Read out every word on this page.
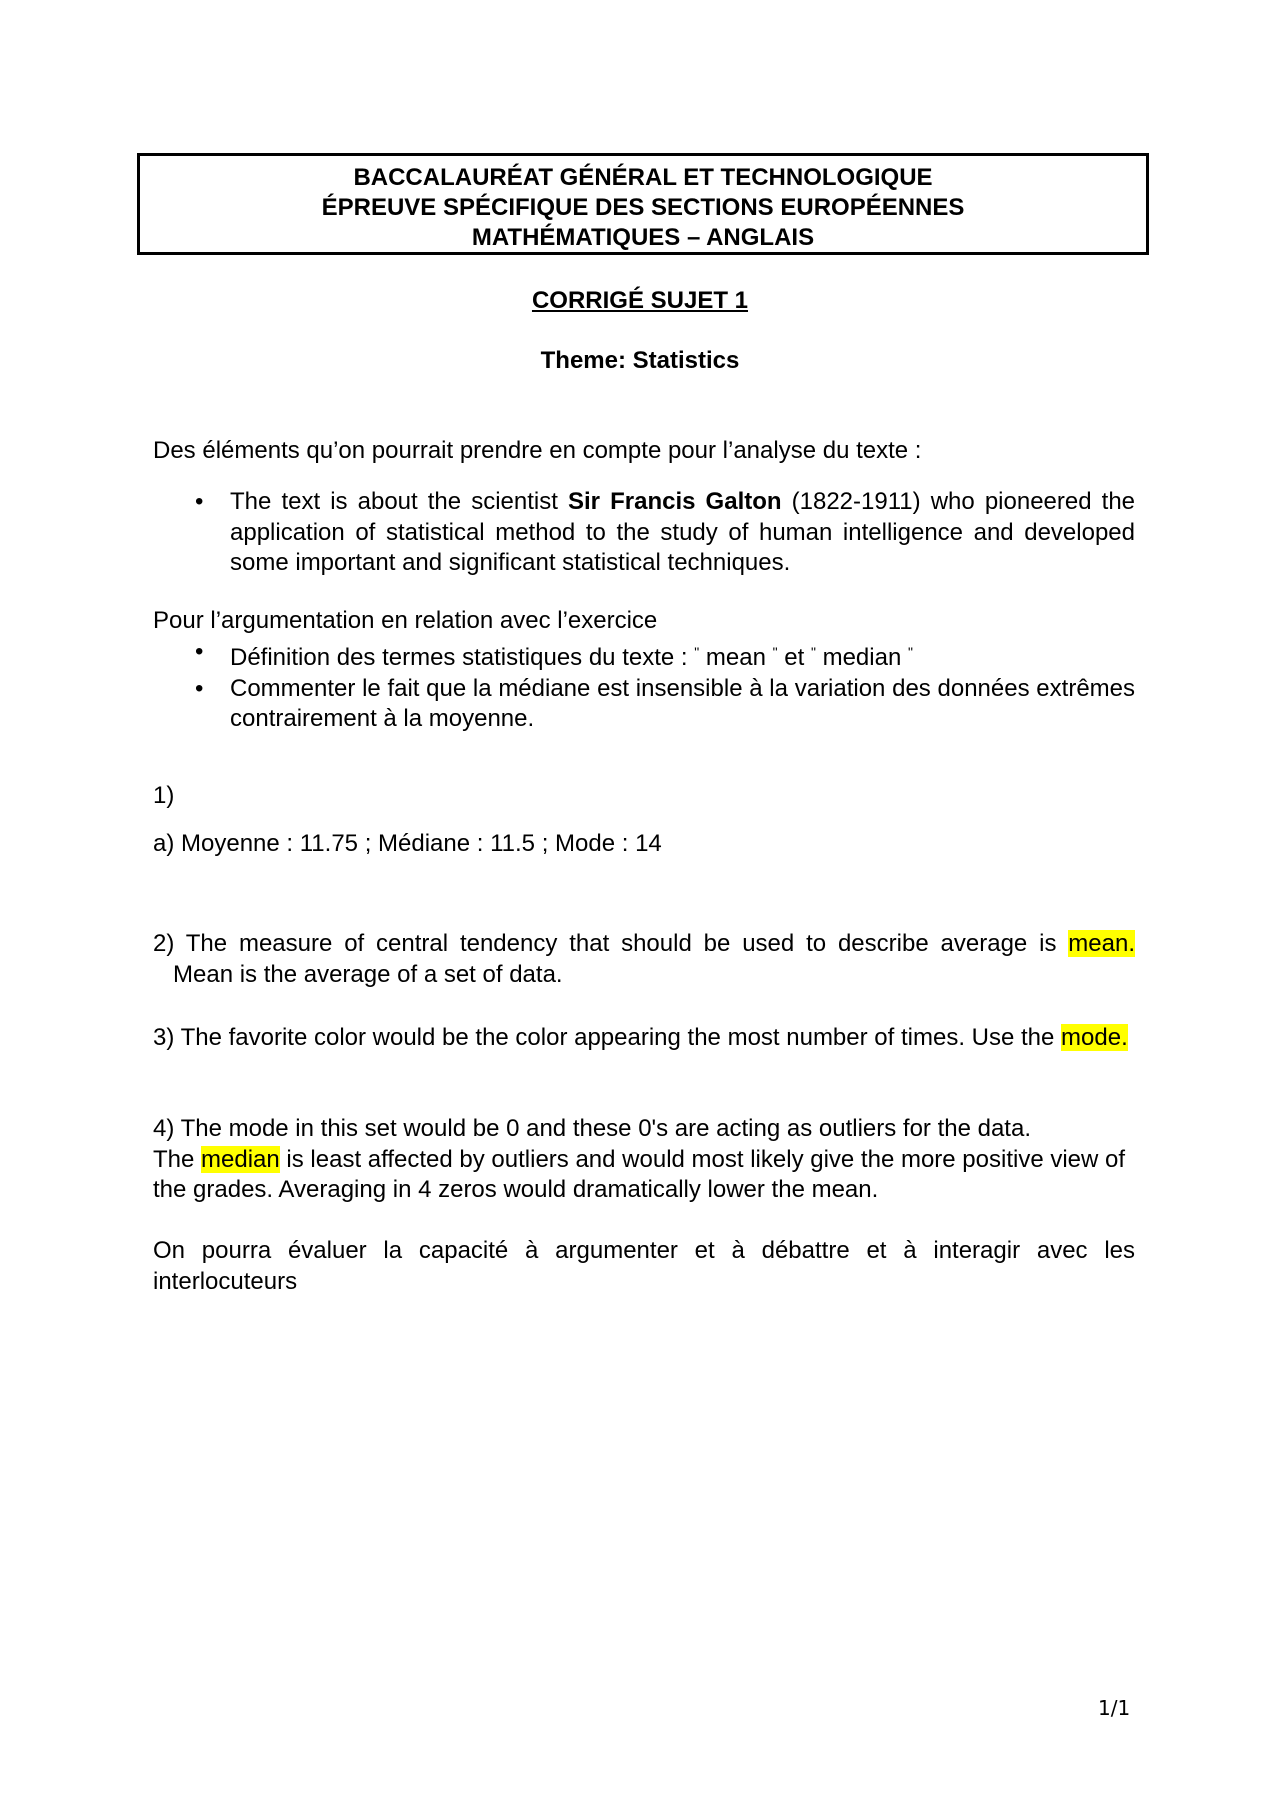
BACCALAURÉAT GÉNÉRAL ET TECHNOLOGIQUE
ÉPREUVE SPÉCIFIQUE DES SECTIONS EUROPÉENNES
MATHÉMATIQUES – ANGLAIS
CORRIGÉ SUJET 1
Theme: Statistics
Des éléments qu’on pourrait prendre en compte pour l’analyse du texte :
• The text is about the scientist Sir Francis Galton (1822-1911) who pioneered the application of statistical method to the study of human intelligence and developed some important and significant statistical techniques.
Pour l’argumentation en relation avec l’exercice
• Définition des termes statistiques du texte : " mean " et " median "
• Commenter le fait que la médiane est insensible à la variation des données extrêmes contrairement à la moyenne.
1)
a) Moyenne : 11.75 ; Médiane : 11.5 ; Mode : 14
2) The measure of central tendency that should be used to describe average is mean.   Mean is the average of a set of data.
3) The favorite color would be the color appearing the most number of times. Use the mode.
4) The mode in this set would be 0 and these 0's are acting as outliers for the data.
The median is least affected by outliers and would most likely give the more positive view of the grades. Averaging in 4 zeros would dramatically lower the mean.
On pourra évaluer la capacité à argumenter et à débattre et à interagir avec les interlocuteurs
1/1
